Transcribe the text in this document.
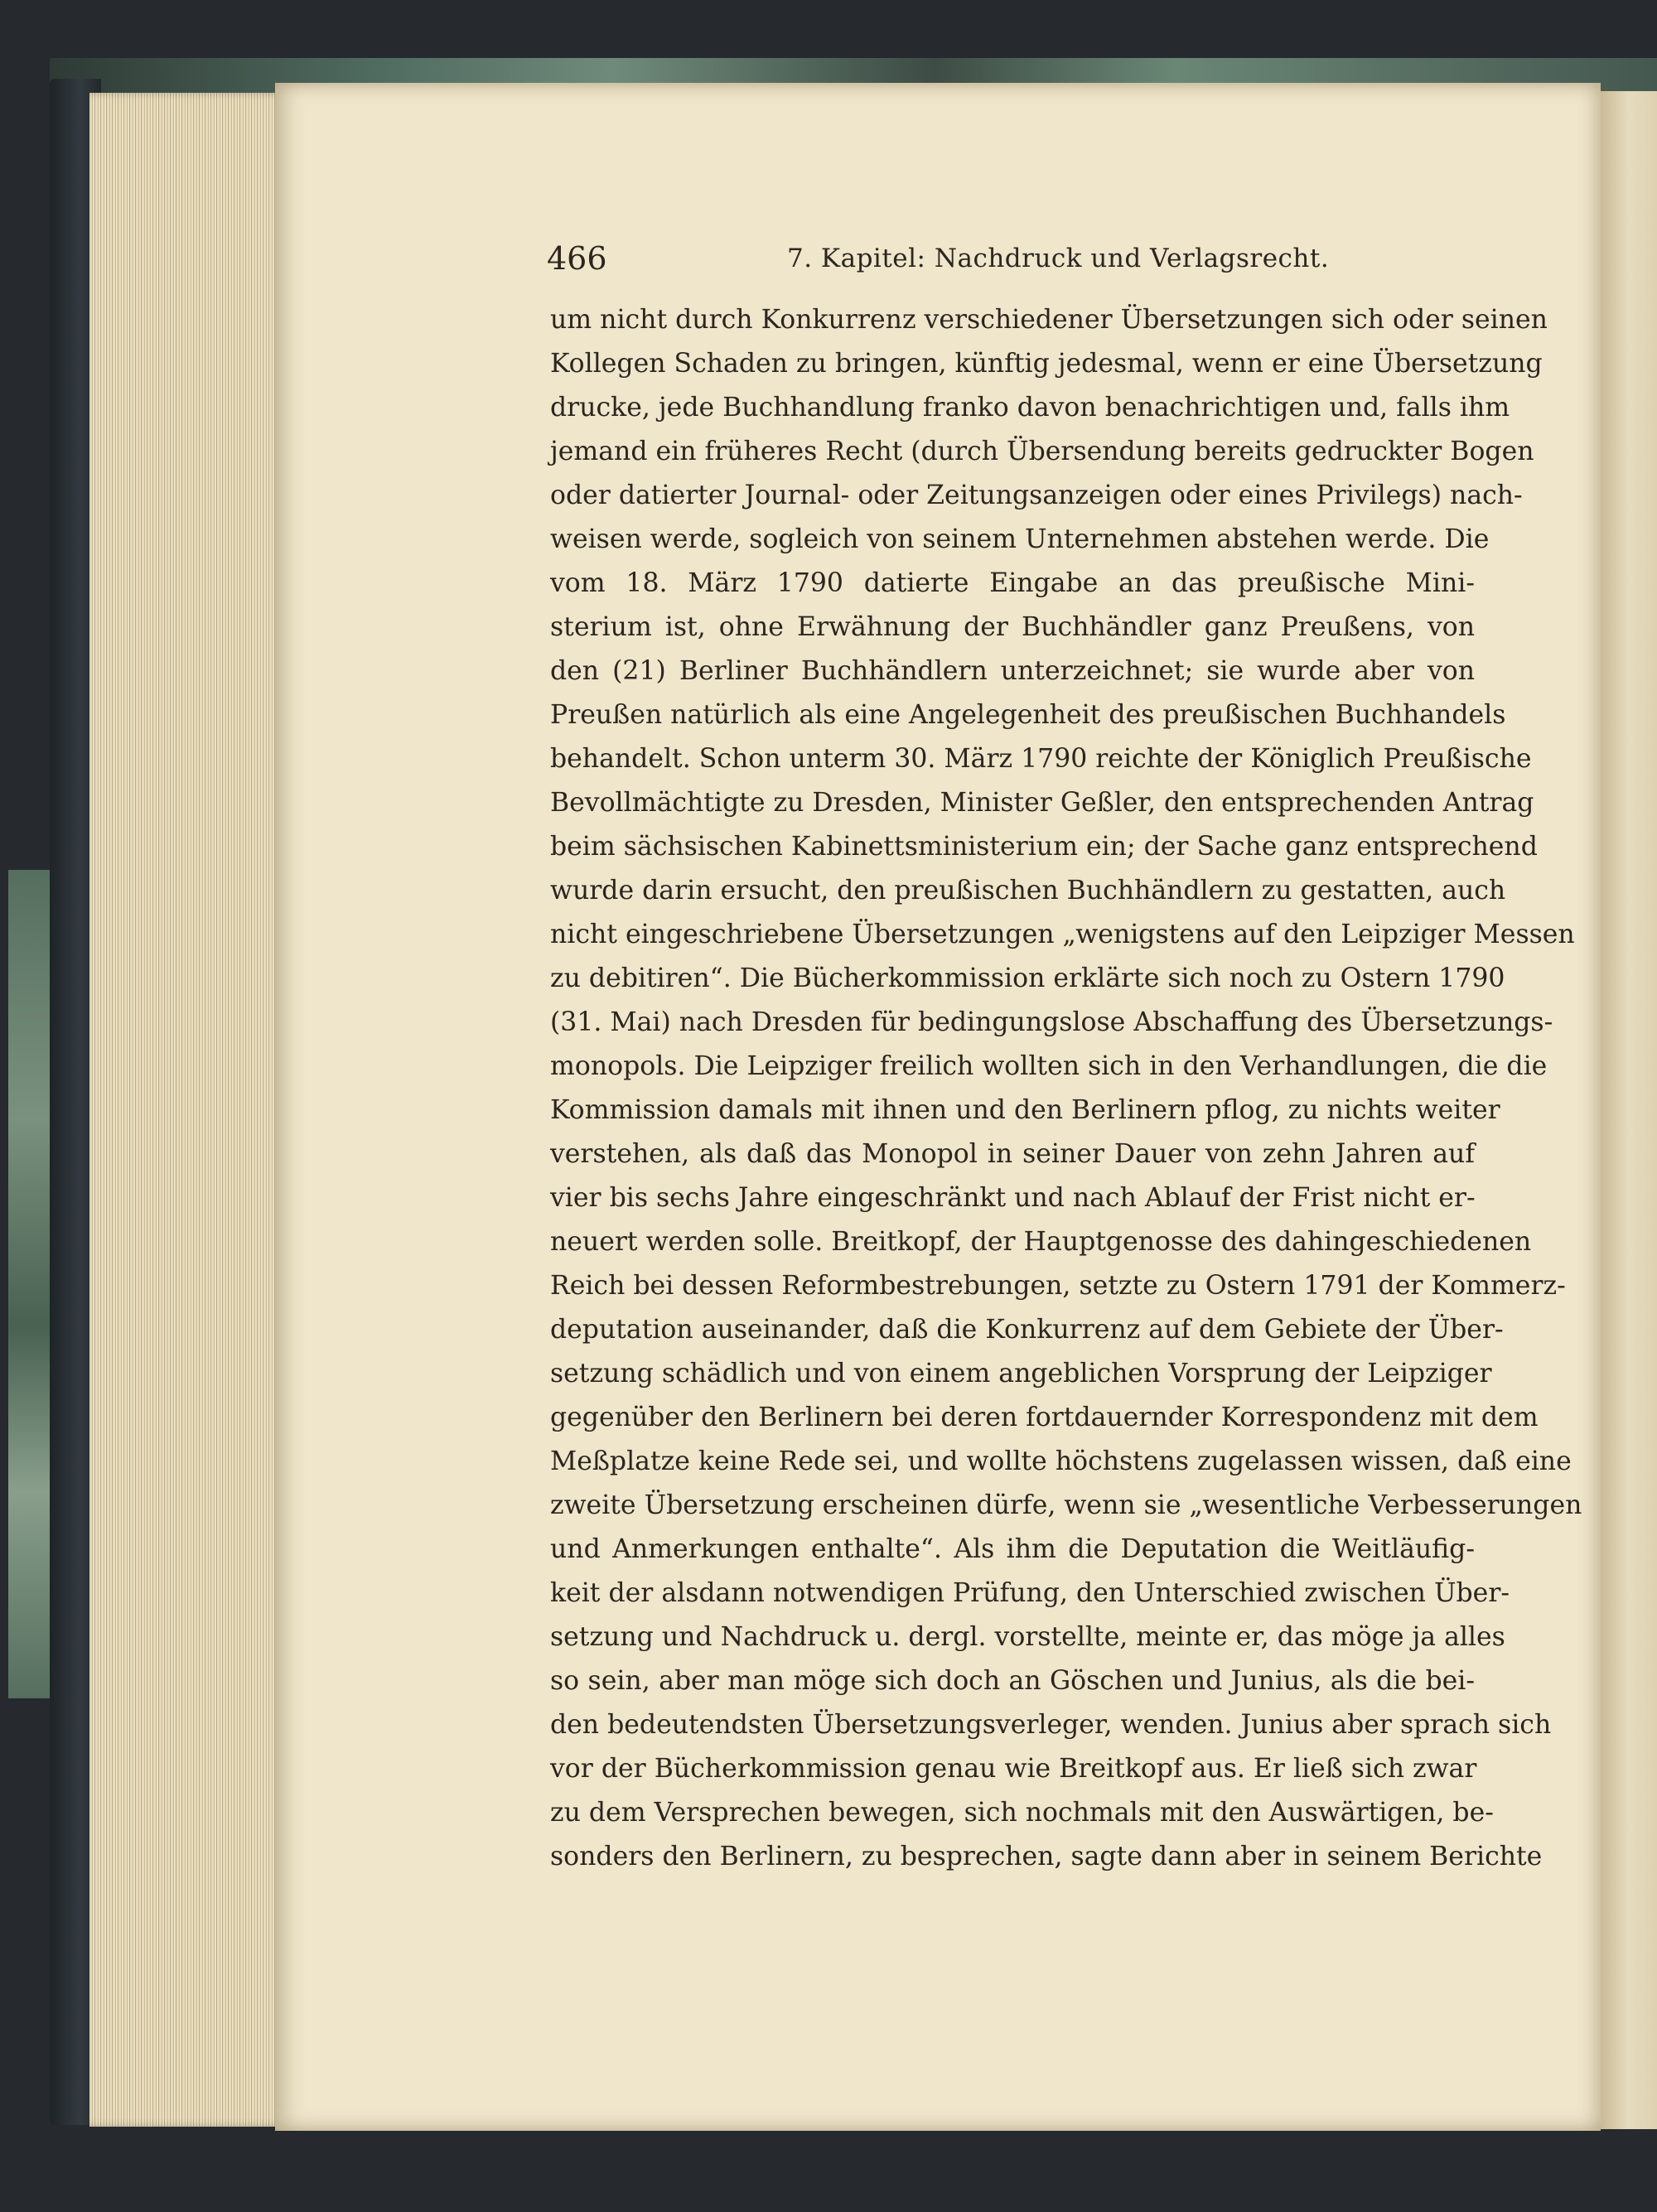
466	7. Kapitel: Nachdruck und Verlagsrecht.
um nicht durch Konkurrenz verschiedener Übersetzungen sich oder seinen
Kollegen Schaden zu bringen, künftig jedesmal, wenn er eine Übersetzung
drucke, jede Buchhandlung franko davon benachrichtigen und, falls ihm
jemand ein früheres Recht (durch Übersendung bereits gedruckter Bogen
oder datierter Journal- oder Zeitungsanzeigen oder eines Privilegs) nach-
weisen werde, sogleich von seinem Unternehmen abstehen werde. Die
vom 18. März 1790 datierte Eingabe an das preußische Mini-
sterium ist, ohne Erwähnung der Buchhändler ganz Preußens, von
den (21) Berliner Buchhändlern unterzeichnet; sie wurde aber von
Preußen natürlich als eine Angelegenheit des preußischen Buchhandels
behandelt. Schon unterm 30. März 1790 reichte der Königlich Preußische
Bevollmächtigte zu Dresden, Minister Geßler, den entsprechenden Antrag
beim sächsischen Kabinettsministerium ein; der Sache ganz entsprechend
wurde darin ersucht, den preußischen Buchhändlern zu gestatten, auch
nicht eingeschriebene Übersetzungen „wenigstens auf den Leipziger Messen
zu debitiren“. Die Bücherkommission erklärte sich noch zu Ostern 1790
(31. Mai) nach Dresden für bedingungslose Abschaffung des Übersetzungs-
monopols. Die Leipziger freilich wollten sich in den Verhandlungen, die die
Kommission damals mit ihnen und den Berlinern pflog, zu nichts weiter
verstehen, als daß das Monopol in seiner Dauer von zehn Jahren auf
vier bis sechs Jahre eingeschränkt und nach Ablauf der Frist nicht er-
neuert werden solle. Breitkopf, der Hauptgenosse des dahingeschiedenen
Reich bei dessen Reformbestrebungen, setzte zu Ostern 1791 der Kommerz-
deputation auseinander, daß die Konkurrenz auf dem Gebiete der Über-
setzung schädlich und von einem angeblichen Vorsprung der Leipziger
gegenüber den Berlinern bei deren fortdauernder Korrespondenz mit dem
Meßplatze keine Rede sei, und wollte höchstens zugelassen wissen, daß eine
zweite Übersetzung erscheinen dürfe, wenn sie „wesentliche Verbesserungen
und Anmerkungen enthalte“. Als ihm die Deputation die Weitläufig-
keit der alsdann notwendigen Prüfung, den Unterschied zwischen Über-
setzung und Nachdruck u. dergl. vorstellte, meinte er, das möge ja alles
so sein, aber man möge sich doch an Göschen und Junius, als die bei-
den bedeutendsten Übersetzungsverleger, wenden. Junius aber sprach sich
vor der Bücherkommission genau wie Breitkopf aus. Er ließ sich zwar
zu dem Versprechen bewegen, sich nochmals mit den Auswärtigen, be-
sonders den Berlinern, zu besprechen, sagte dann aber in seinem Berichte
